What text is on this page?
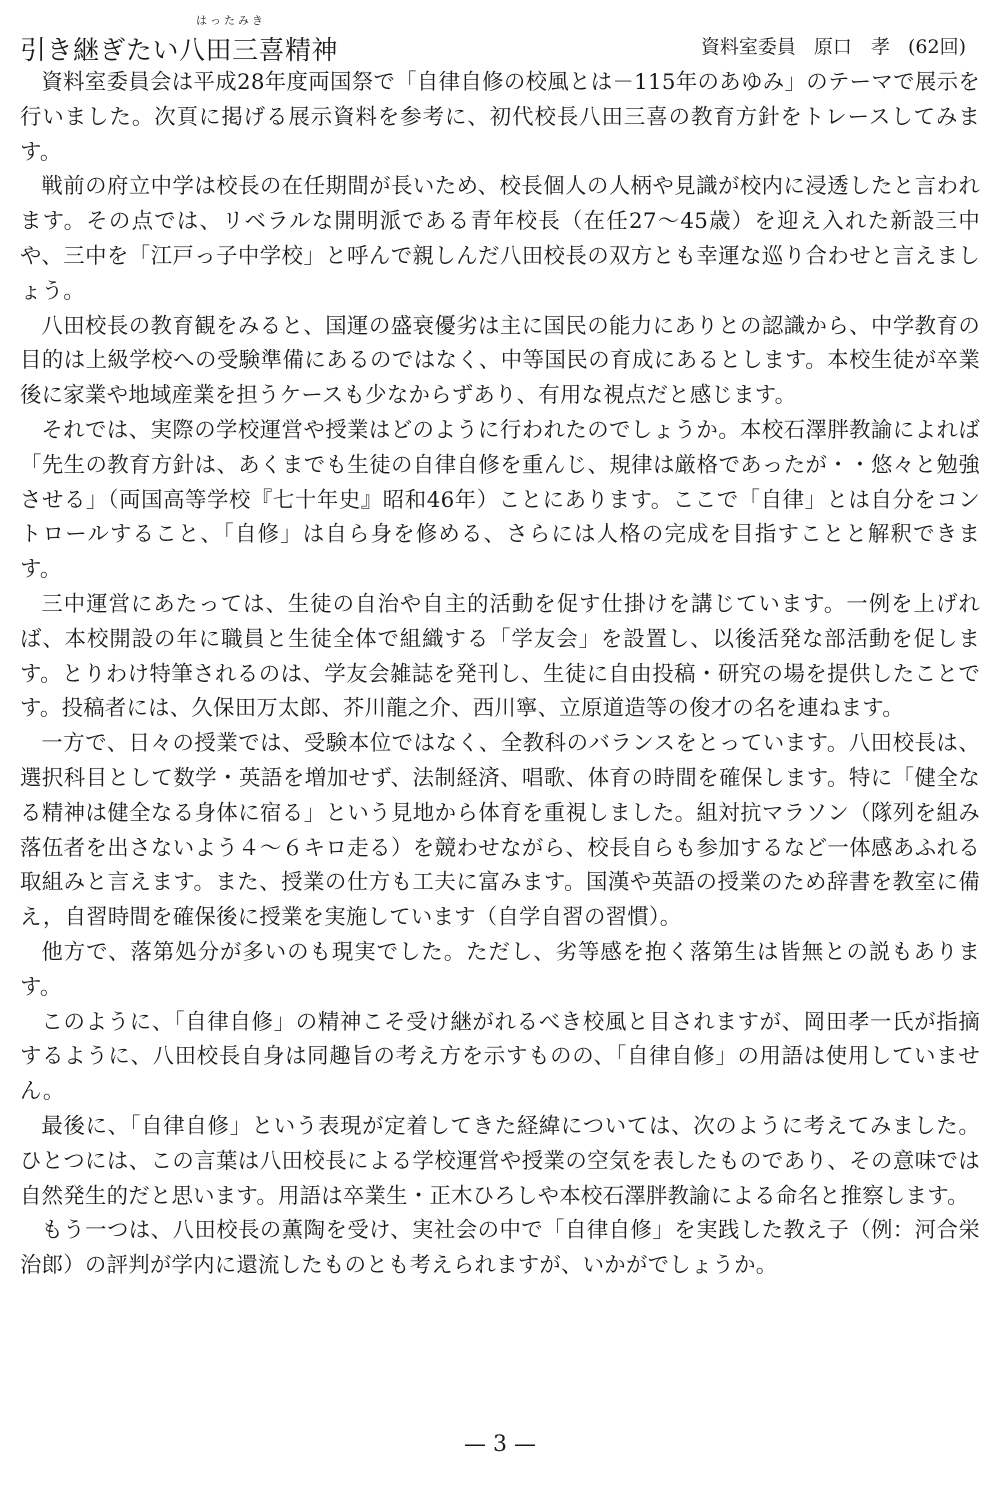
はったみき
引き継ぎたい八田三喜精神	資料室委員 原口　孝 (62回)

資料室委員会は平成28年度両国祭で「自律自修の校風とは－115年のあゆみ」のテーマで展示を行いました。次頁に掲げる展示資料を参考に、初代校長八田三喜の教育方針をトレースしてみます。

戦前の府立中学は校長の在任期間が長いため、校長個人の人柄や見識が校内に浸透したと言われます。その点では、リベラルな開明派である青年校長（在任27～45歳）を迎え入れた新設三中や、三中を「江戸っ子中学校」と呼んで親しんだ八田校長の双方とも幸運な巡り合わせと言えましょう。

八田校長の教育観をみると、国運の盛衰優劣は主に国民の能力にありとの認識から、中学教育の目的は上級学校への受験準備にあるのではなく、中等国民の育成にあるとします。本校生徒が卒業後に家業や地域産業を担うケースも少なからずあり、有用な視点だと感じます。

それでは、実際の学校運営や授業はどのように行われたのでしょうか。本校石澤胖教諭によれば「先生の教育方針は、あくまでも生徒の自律自修を重んじ、規律は厳格であったが・・悠々と勉強させる」（両国高等学校『七十年史』昭和46年）ことにあります。ここで「自律」とは自分をコントロールすること、「自修」は自ら身を修める、さらには人格の完成を目指すことと解釈できます。

三中運営にあたっては、生徒の自治や自主的活動を促す仕掛けを講じています。一例を上げれば、本校開設の年に職員と生徒全体で組織する「学友会」を設置し、以後活発な部活動を促します。とりわけ特筆されるのは、学友会雑誌を発刊し、生徒に自由投稿・研究の場を提供したことです。投稿者には、久保田万太郎、芥川龍之介、西川寧、立原道造等の俊才の名を連ねます。

一方で、日々の授業では、受験本位ではなく、全教科のバランスをとっています。八田校長は、選択科目として数学・英語を増加せず、法制経済、唱歌、体育の時間を確保します。特に「健全なる精神は健全なる身体に宿る」という見地から体育を重視しました。組対抗マラソン（隊列を組み落伍者を出さないよう４～６キロ走る）を競わせながら、校長自らも参加するなど一体感あふれる取組みと言えます。また、授業の仕方も工夫に富みます。国漢や英語の授業のため辞書を教室に備え，自習時間を確保後に授業を実施しています（自学自習の習慣）。

他方で、落第処分が多いのも現実でした。ただし、劣等感を抱く落第生は皆無との説もあります。

このように、「自律自修」の精神こそ受け継がれるべき校風と目されますが、岡田孝一氏が指摘するように、八田校長自身は同趣旨の考え方を示すものの、「自律自修」の用語は使用していません。

最後に、「自律自修」という表現が定着してきた経緯については、次のように考えてみました。ひとつには、この言葉は八田校長による学校運営や授業の空気を表したものであり、その意味では自然発生的だと思います。用語は卒業生・正木ひろしや本校石澤胖教諭による命名と推察します。

もう一つは、八田校長の薫陶を受け、実社会の中で「自律自修」を実践した教え子（例：河合栄治郎）の評判が学内に還流したものとも考えられますが、いかがでしょうか。

— 3 —
